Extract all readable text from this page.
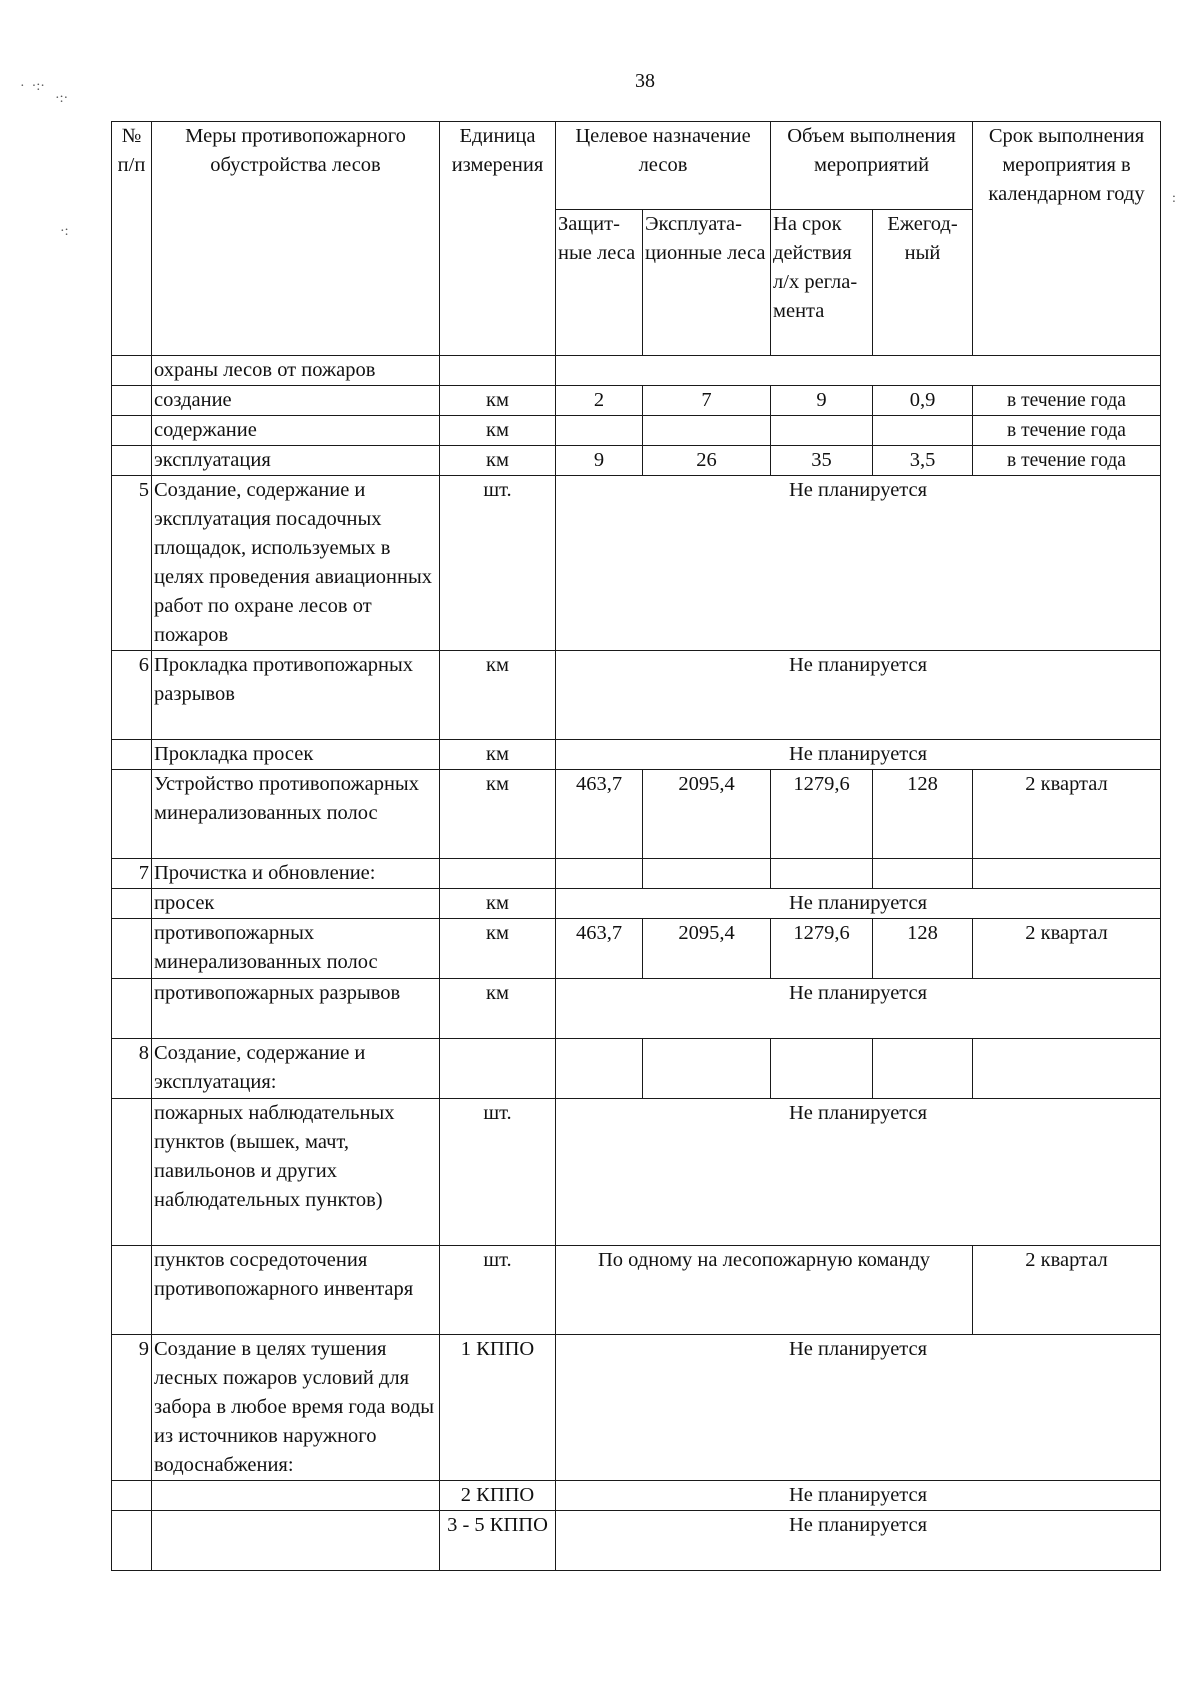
38
·  ·:·
·:·
·:
:
№ п/п	Меры противопожарного обустройства лесов	Единица измерения	Целевое назначение лесов		Объем выполнения мероприятий		Срок выполнения мероприятия в календарном году
			Защит-ные леса	Эксплуата-ционные леса	На срок действия л/х регла-мента	Ежегод-ный	
	охраны лесов от пожаров						
	создание	км	2	7	9	0,9	в течение года
	содержание	км					в течение года
	эксплуатация	км	9	26	35	3,5	в течение года
5	Создание, содержание и эксплуатация посадочных площадок, используемых в целях проведения авиационных работ по охране лесов от пожаров	шт.	Не планируется				
6	Прокладка противопожарных разрывов	км	Не планируется				
	Прокладка просек	км	Не планируется				
	Устройство противопожарных минерализованных полос	км	463,7	2095,4	1279,6	128	2 квартал
7	Прочистка и обновление:						
	просек	км	Не планируется				
	противопожарных минерализованных полос	км	463,7	2095,4	1279,6	128	2 квартал
	противопожарных разрывов	км	Не планируется				
8	Создание, содержание и эксплуатация:						
	пожарных наблюдательных пунктов (вышек, мачт, павильонов и других наблюдательных пунктов)	шт.	Не планируется				
	пунктов сосредоточения противопожарного инвентаря	шт.	По одному на лесопожарную команду				2 квартал
9	Создание в целях тушения лесных пожаров условий для забора в любое время года воды из источников наружного водоснабжения:	1 КППО	Не планируется				
		2 КППО	Не планируется				
		3 - 5 КППО	Не планируется				
